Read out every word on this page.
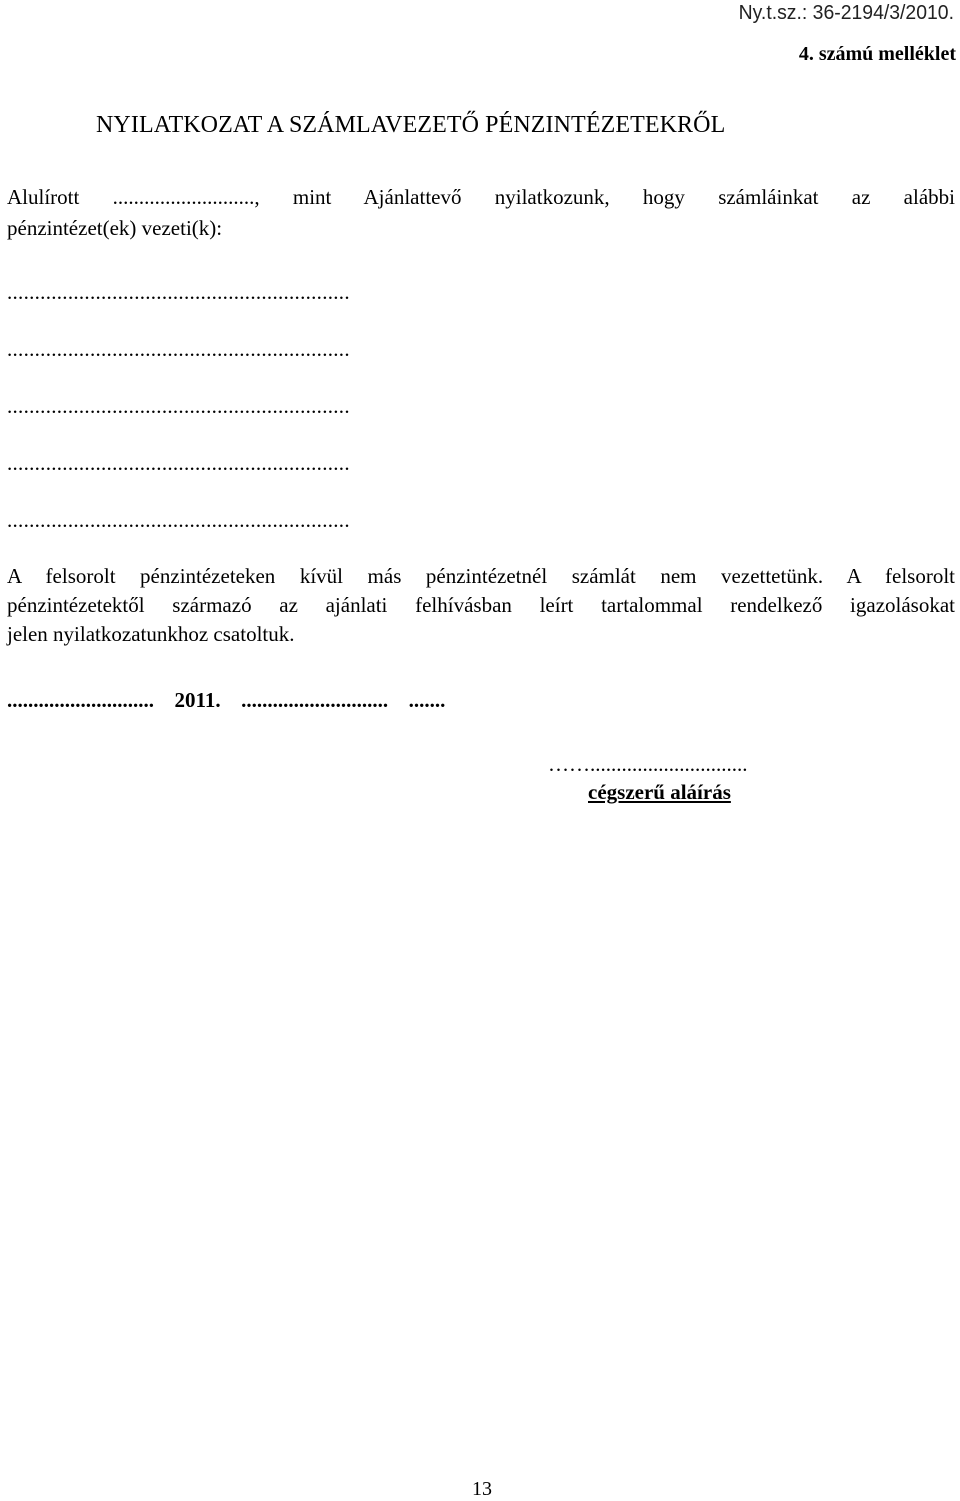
Ny.t.sz.: 36-2194/3/2010.
4. számú melléklet
NYILATKOZAT A SZÁMLAVEZETŐ PÉNZINTÉZETEKRŐL
Alulírott ..........................., mint Ajánlattevő nyilatkozunk, hogy számláinkat az alábbi
pénzintézet(ek) vezeti(k):
..............................................................
..............................................................
..............................................................
..............................................................
..............................................................
A felsorolt pénzintézeteken kívül más pénzintézetnél számlát nem vezettetünk. A felsorolt
pénzintézetektől származó az ajánlati felhívásban leírt tartalommal rendelkező igazolásokat
jelen nyilatkozatunkhoz csatoltuk.
............................ 2011. ............................ .......
……..............................
cégszerű aláírás
13
